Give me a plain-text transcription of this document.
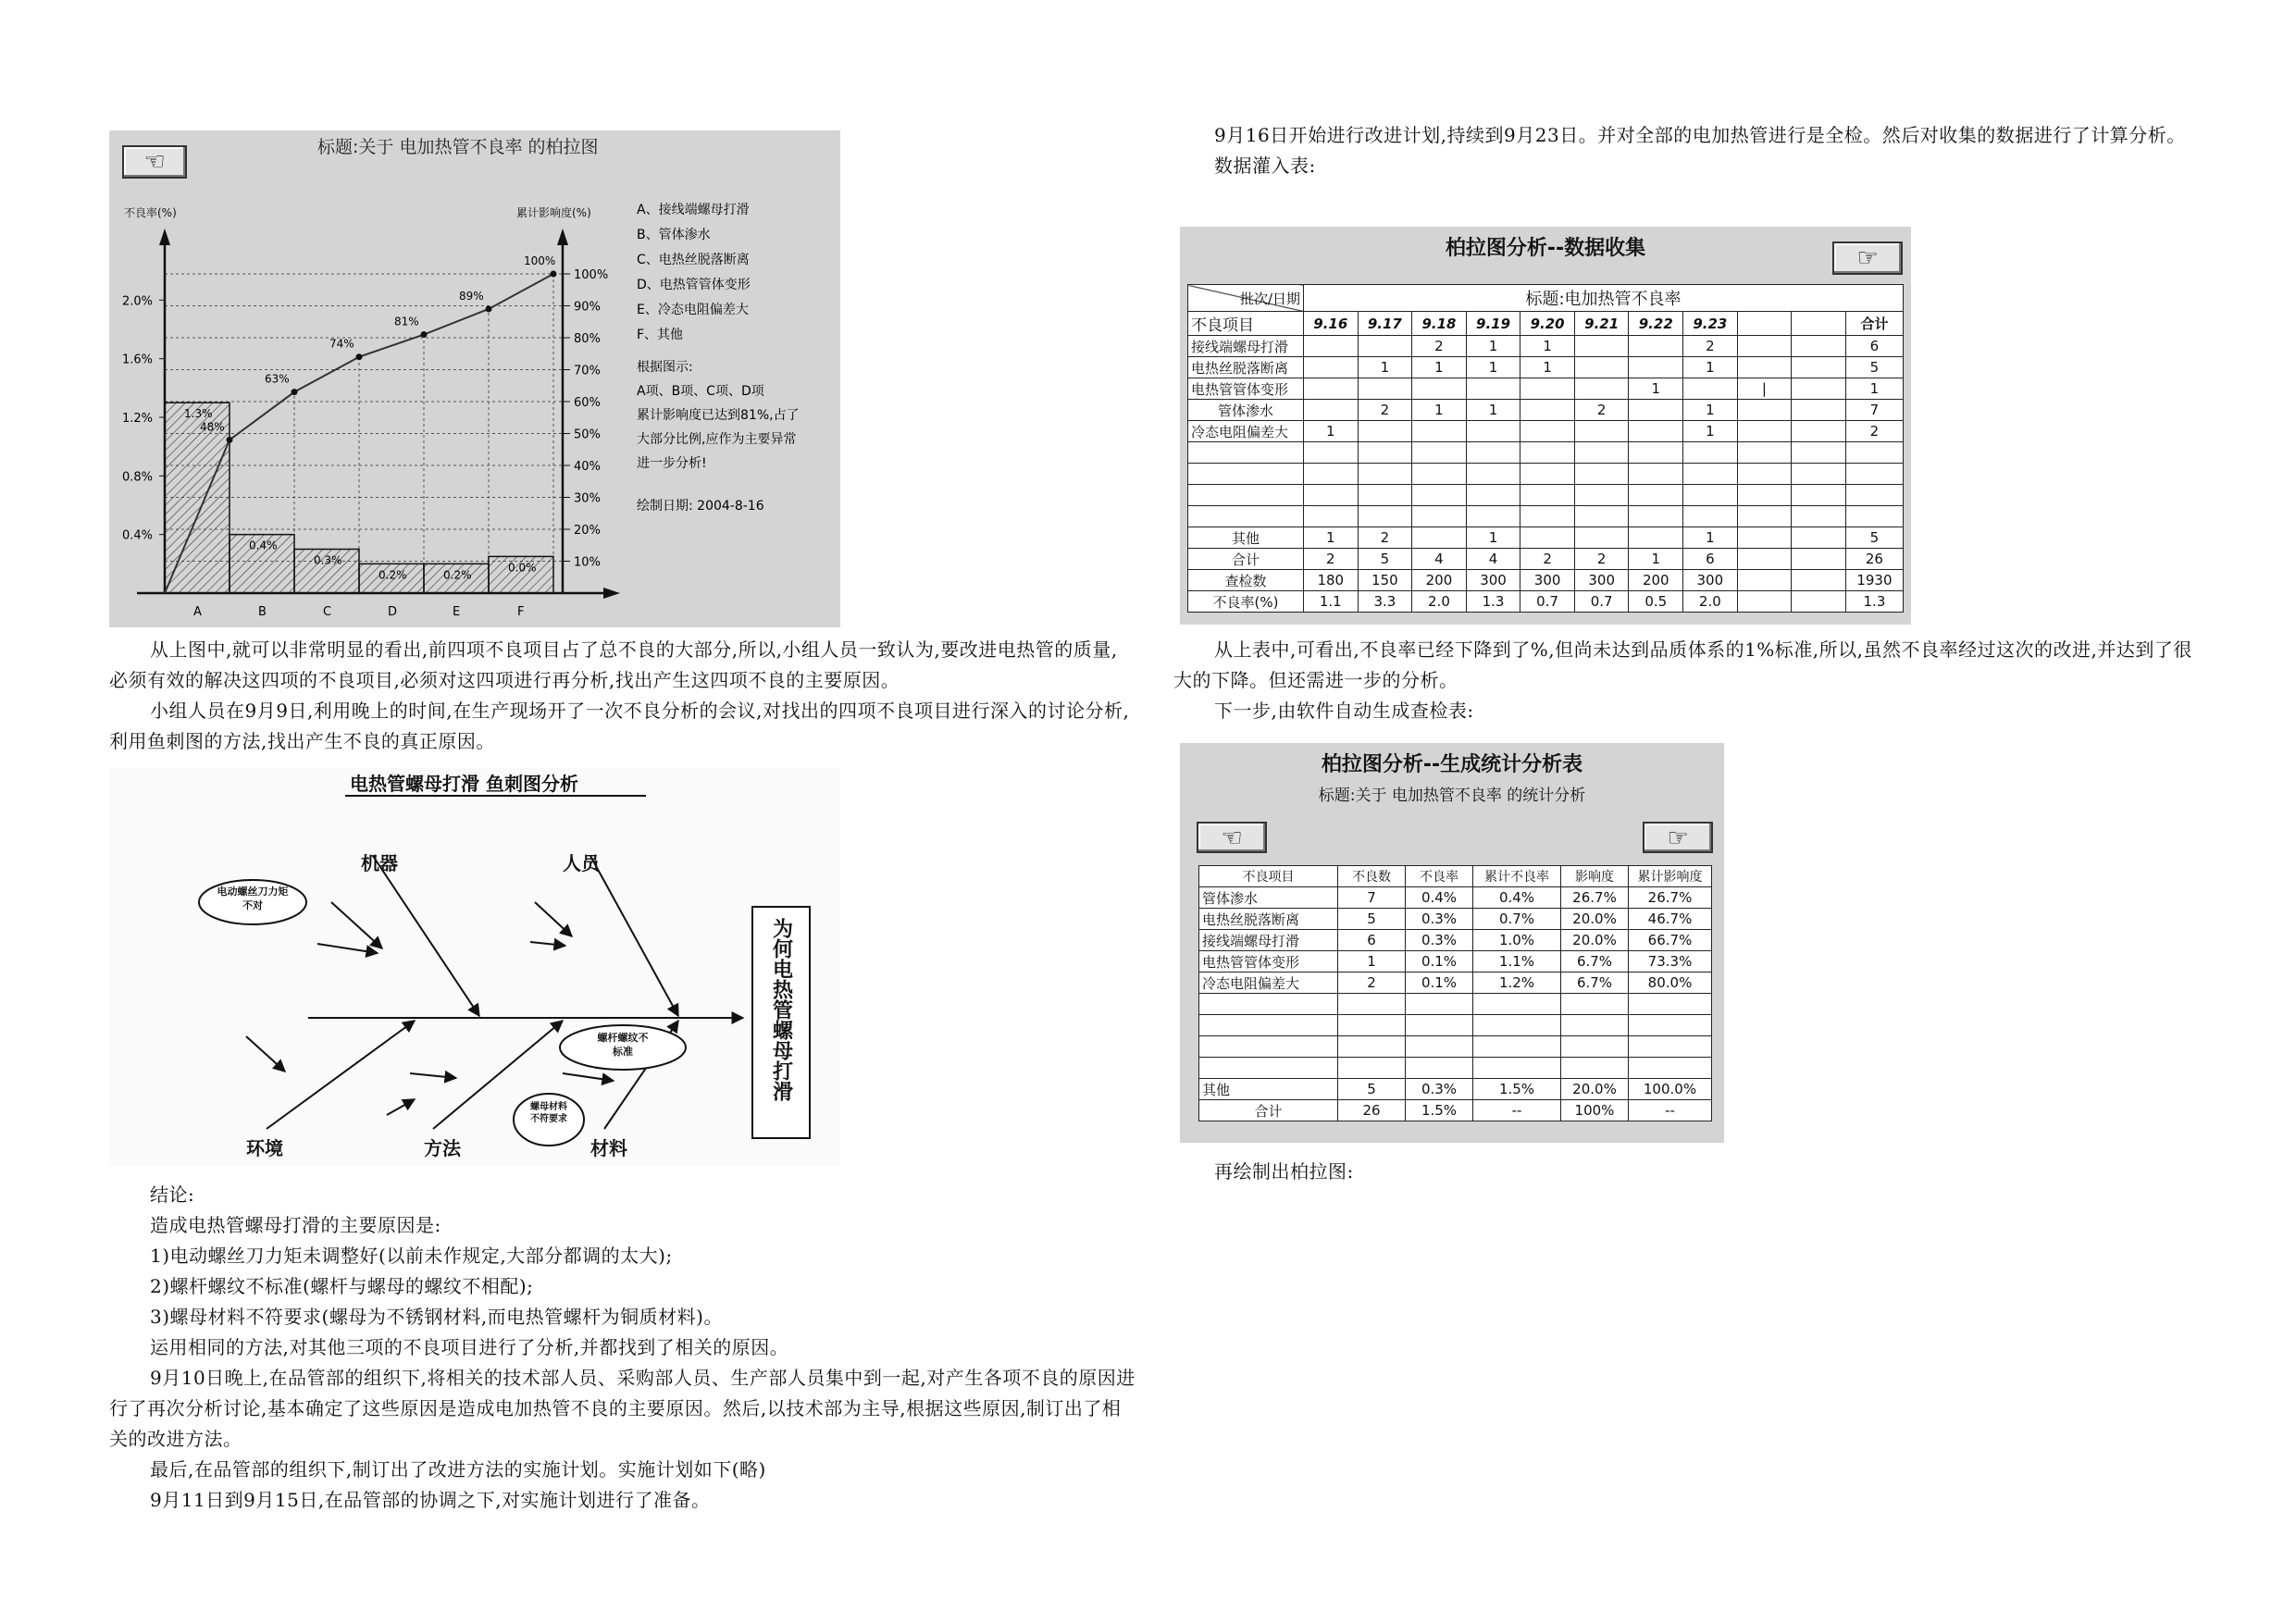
☜
标题:关于 电加热管不良率 的柏拉图
不良率(%)	累计影响度(%)
1.3%
0.4%
0.3%
0.2%	0.2%
0.0%	10%
20%
30%
40%
50%
60%
70%
80%
90%
100%
0.4%
0.8%
1.2%
1.6%
2.0%
A	B	C	D	E	F
48%
63%
74%
81%
89%
100%
A、接线端螺母打滑
B、管体渗水
C、电热丝脱落断离
D、电热管管体变形
E、冷态电阻偏差大
F、其他
根据图示:
A项、B项、C项、D项
累计影响度已达到81%,占了
大部分比例,应作为主要异常
进一步分析!
绘制日期: 2004-8-16
电热管螺母打滑 鱼刺图分析
为何电热管螺母打滑
机器	人员
环境	方法	材料
电动螺丝刀力矩不对
螺杆螺纹不标准
螺母材料不符要求

从上图中,就可以非常明显的看出,前四项不良项目占了总不良的大部分,所以,小组人员一致认为,要改进电热管的质量,必须有效的解决这四项的不良项目,必须对这四项进行再分析,找出产生这四项不良的主要原因。

小组人员在9月9日,利用晚上的时间,在生产现场开了一次不良分析的会议,对找出的四项不良项目进行深入的讨论分析,利用鱼刺图的方法,找出产生不良的真正原因。

结论:

造成电热管螺母打滑的主要原因是:

1)电动螺丝刀力矩未调整好(以前未作规定,大部分都调的太大);

2)螺杆螺纹不标准(螺杆与螺母的螺纹不相配);

3)螺母材料不符要求(螺母为不锈钢材料,而电热管螺杆为铜质材料)。

运用相同的方法,对其他三项的不良项目进行了分析,并都找到了相关的原因。

9月10日晚上,在品管部的组织下,将相关的技术部人员、采购部人员、生产部人员集中到一起,对产生各项不良的原因进行了再次分析讨论,基本确定了这些原因是造成电加热管不良的主要原因。然后,以技术部为主导,根据这些原因,制订出了相关的改进方法。

最后,在品管部的组织下,制订出了改进方法的实施计划。实施计划如下(略)

9月11日到9月15日,在品管部的协调之下,对实施计划进行了准备。

9月16日开始进行改进计划,持续到9月23日。并对全部的电加热管进行是全检。然后对收集的数据进行了计算分析。

数据灌入表:

柏拉图分析--数据收集	☞
批次/日期	标题:电加热管不良率										
不良项目	9.16	9.17	9.18	9.19	9.20	9.21	9.22	9.23			合计
接线端螺母打滑			2	1	1			2			6
电热丝脱落断离		1	1	1	1			1			5
电热管管体变形							1		|		1
管体渗水		2	1	1		2		1			7
冷态电阻偏差大	1							1			2

其他	1	2		1				1			5
合计	2	5	4	4	2	2	1	6			26
查检数	180	150	200	300	300	300	200	300			1930
不良率(%)	1.1	3.3	2.0	1.3	0.7	0.7	0.5	2.0			1.3

从上表中,可看出,不良率已经下降到了%,但尚未达到品质体系的1%标准,所以,虽然不良率经过这次的改进,并达到了很大的下降。但还需进一步的分析。

下一步,由软件自动生成查检表:

柏拉图分析--生成统计分析表
标题:关于 电加热管不良率 的统计分析
☜	☞
不良项目	不良数	不良率	累计不良率	影响度	累计影响度
管体渗水	7	0.4%	0.4%	26.7%	26.7%
电热丝脱落断离	5	0.3%	0.7%	20.0%	46.7%
接线端螺母打滑	6	0.3%	1.0%	20.0%	66.7%
电热管管体变形	1	0.1%	1.1%	6.7%	73.3%
冷态电阻偏差大	2	0.1%	1.2%	6.7%	80.0%

其他	5	0.3%	1.5%	20.0%	100.0%
合计	26	1.5%	--	100%	--

再绘制出柏拉图:
